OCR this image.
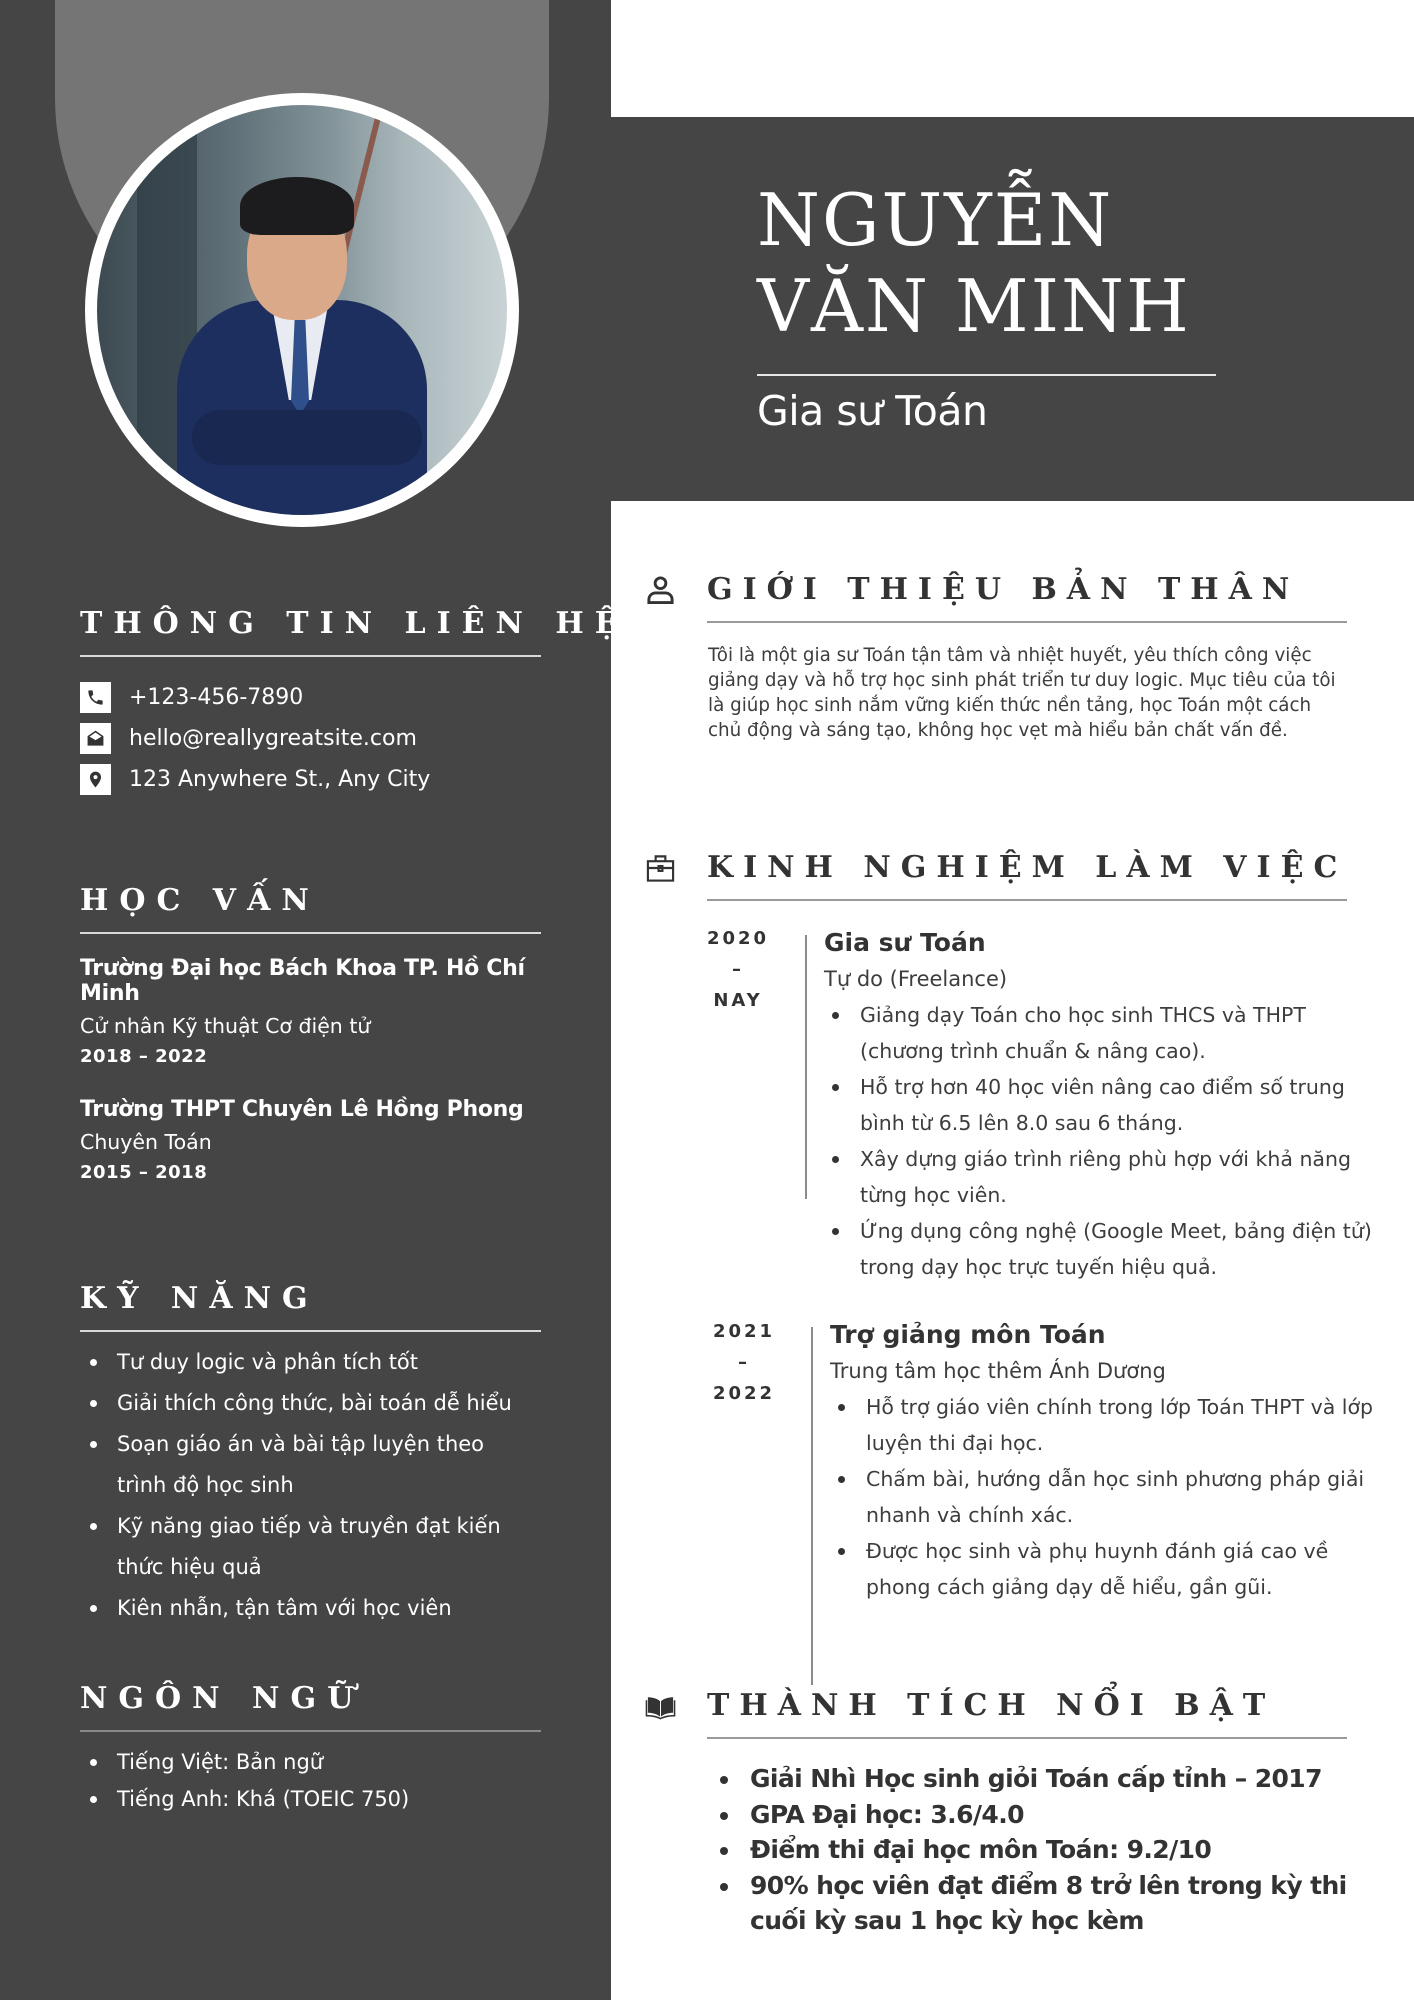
THÔNG TIN LIÊN HỆ
+123-456-7890
hello@reallygreatsite.com
123 Anywhere St., Any City
HỌC VẤN
Trường Đại học Bách Khoa TP. Hồ Chí Minh
Cử nhân Kỹ thuật Cơ điện tử
2018 – 2022
Trường THPT Chuyên Lê Hồng Phong
Chuyên Toán
2015 – 2018
KỸ NĂNG
Tư duy logic và phân tích tốt
Giải thích công thức, bài toán dễ hiểu
Soạn giáo án và bài tập luyện theo trình độ học sinh
Kỹ năng giao tiếp và truyền đạt kiến thức hiệu quả
Kiên nhẫn, tận tâm với học viên
NGÔN NGỮ
Tiếng Việt: Bản ngữ
Tiếng Anh: Khá (TOEIC 750)
NGUYỄN
VĂN MINH
Gia sư Toán
GIỚI THIỆU BẢN THÂN

Tôi là một gia sư Toán tận tâm và nhiệt huyết, yêu thích công việc giảng dạy và hỗ trợ học sinh phát triển tư duy logic. Mục tiêu của tôi là giúp học sinh nắm vững kiến thức nền tảng, học Toán một cách chủ động và sáng tạo, không học vẹt mà hiểu bản chất vấn đề.

KINH NGHIỆM LÀM VIỆC
2020
–
NAY
Gia sư Toán
Tự do (Freelance)
Giảng dạy Toán cho học sinh THCS và THPT (chương trình chuẩn & nâng cao).
Hỗ trợ hơn 40 học viên nâng cao điểm số trung bình từ 6.5 lên 8.0 sau 6 tháng.
Xây dựng giáo trình riêng phù hợp với khả năng từng học viên.
Ứng dụng công nghệ (Google Meet, bảng điện tử) trong dạy học trực tuyến hiệu quả.
2021
–
2022
Trợ giảng môn Toán
Trung tâm học thêm Ánh Dương
Hỗ trợ giáo viên chính trong lớp Toán THPT và lớp luyện thi đại học.
Chấm bài, hướng dẫn học sinh phương pháp giải nhanh và chính xác.
Được học sinh và phụ huynh đánh giá cao về phong cách giảng dạy dễ hiểu, gần gũi.
THÀNH TÍCH NỔI BẬT
Giải Nhì Học sinh giỏi Toán cấp tỉnh – 2017
GPA Đại học: 3.6/4.0
Điểm thi đại học môn Toán: 9.2/10
90% học viên đạt điểm 8 trở lên trong kỳ thi cuối kỳ sau 1 học kỳ học kèm
